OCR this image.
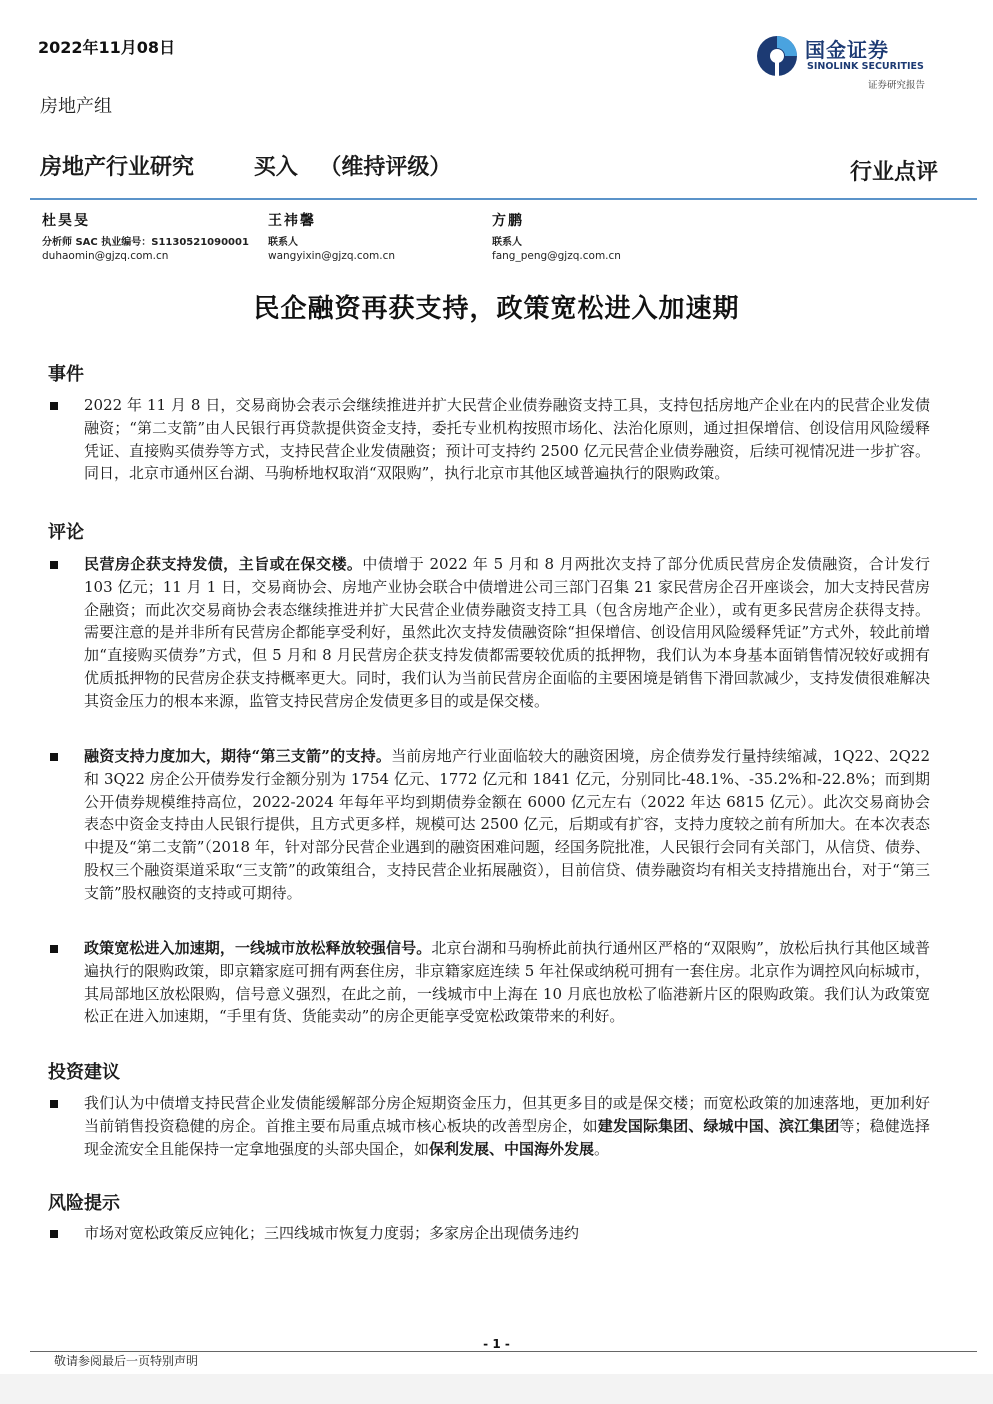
2022年11月08日	国金证券
SINOLINK SECURITIES
证券研究报告
房地产组
房地产行业研究	买入 （维持评级）	行业点评
杜昊旻
分析师 SAC 执业编号：S1130521090001
duhaomin@gjzq.com.cn
王祎馨
联系人
wangyixin@gjzq.com.cn
方鹏
联系人
fang_peng@gjzq.com.cn
民企融资再获支持，政策宽松进入加速期
事件
2022 年 11 月 8 日，交易商协会表示会继续推进并扩大民营企业债券融资支持工具，支持包括房地产企业在内的民营企业发债融资；“第二支箭”由人民银行再贷款提供资金支持，委托专业机构按照市场化、法治化原则，通过担保增信、创设信用风险缓释凭证、直接购买债券等方式，支持民营企业发债融资；预计可支持约 2500 亿元民营企业债券融资，后续可视情况进一步扩容。同日，北京市通州区台湖、马驹桥地权取消“双限购”，执行北京市其他区域普遍执行的限购政策。
评论
民营房企获支持发债，主旨或在保交楼。中债增于 2022 年 5 月和 8 月两批次支持了部分优质民营房企发债融资，合计发行 103 亿元；11 月 1 日，交易商协会、房地产业协会联合中债增进公司三部门召集 21 家民营房企召开座谈会，加大支持民营房企融资；而此次交易商协会表态继续推进并扩大民营企业债券融资支持工具（包含房地产企业），或有更多民营房企获得支持。需要注意的是并非所有民营房企都能享受利好，虽然此次支持发债融资除“担保增信、创设信用风险缓释凭证”方式外，较此前增加“直接购买债券”方式，但 5 月和 8 月民营房企获支持发债都需要较优质的抵押物，我们认为本身基本面销售情况较好或拥有优质抵押物的民营房企获支持概率更大。同时，我们认为当前民营房企面临的主要困境是销售下滑回款减少，支持发债很难解决其资金压力的根本来源，监管支持民营房企发债更多目的或是保交楼。
融资支持力度加大，期待“第三支箭”的支持。当前房地产行业面临较大的融资困境，房企债券发行量持续缩减，1Q22、2Q22 和 3Q22 房企公开债券发行金额分别为 1754 亿元、1772 亿元和 1841 亿元，分别同比-48.1%、-35.2%和-22.8%；而到期公开债券规模维持高位，2022-2024 年每年平均到期债券金额在 6000 亿元左右（2022 年达 6815 亿元）。此次交易商协会表态中资金支持由人民银行提供，且方式更多样，规模可达 2500 亿元，后期或有扩容，支持力度较之前有所加大。在本次表态中提及“第二支箭”（2018 年，针对部分民营企业遇到的融资困难问题，经国务院批准，人民银行会同有关部门，从信贷、债券、股权三个融资渠道采取“三支箭”的政策组合，支持民营企业拓展融资），目前信贷、债券融资均有相关支持措施出台，对于“第三支箭”股权融资的支持或可期待。
政策宽松进入加速期，一线城市放松释放较强信号。北京台湖和马驹桥此前执行通州区严格的“双限购”，放松后执行其他区域普遍执行的限购政策，即京籍家庭可拥有两套住房，非京籍家庭连续 5 年社保或纳税可拥有一套住房。北京作为调控风向标城市，其局部地区放松限购，信号意义强烈，在此之前，一线城市中上海在 10 月底也放松了临港新片区的限购政策。我们认为政策宽松正在进入加速期，“手里有货、货能卖动”的房企更能享受宽松政策带来的利好。
投资建议
我们认为中债增支持民营企业发债能缓解部分房企短期资金压力，但其更多目的或是保交楼；而宽松政策的加速落地，更加利好当前销售投资稳健的房企。首推主要布局重点城市核心板块的改善型房企，如建发国际集团、绿城中国、滨江集团等；稳健选择现金流安全且能保持一定拿地强度的头部央国企，如保利发展、中国海外发展。
风险提示
市场对宽松政策反应钝化；三四线城市恢复力度弱；多家房企出现债务违约
- 1 -
敬请参阅最后一页特别声明
